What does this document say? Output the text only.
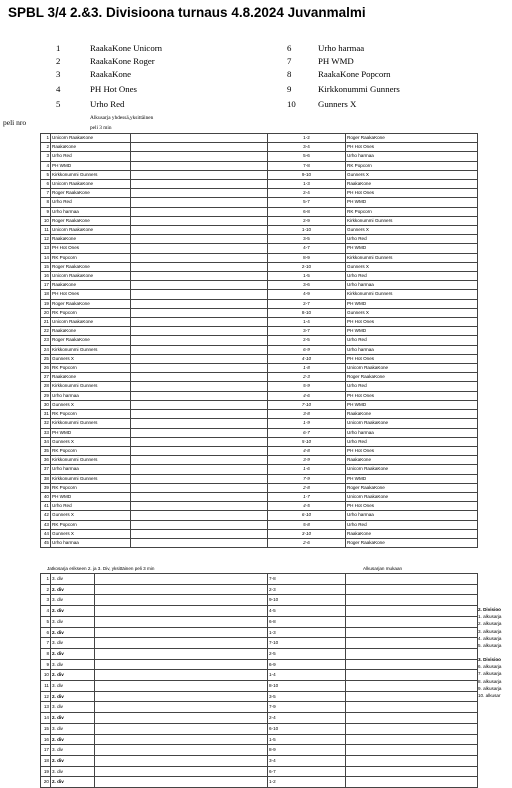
SPBL 3/4 2.&3. Divisioona turnaus 4.8.2024 Juvanmalmi
1	RaakaKone Unicorn
2	RaakaKone Roger
3	RaakaKone
4	PH Hot Ones
5	Urho Red
6	Urho harmaa
7	PH WMD
8	RaakaKone Popcorn
9	Kirkkonummi Gunners
10	Gunners X
peli nro	Alkusarja yhdessä,yksittäinen
peli 3 min
1	Unicorn RaakaKone		1-2	Roger RaakaKone
2	RaakaKone		3-4	PH Hot Ones
3	Urho Red		5-6	Urho harmaa
4	PH WMD		7-8	RK Popcorn
5	Kirkkonummi Gunners		9-10	Gunners X
6	Unicorn RaakaKone		1-3	RaakaKone
7	Roger RaakaKone		2-4	PH Hot Ones
8	Urho Red		5-7	PH WMD
9	Urho harmaa		6-8	RK Popcorn
10	Roger RaakaKone		2-9	Kirkkonummi Gunners
11	Unicorn RaakaKone		1-10	Gunners X
12	RaakaKone		3-5	Urho Red
13	PH Hot Ones		4-7	PH WMD
14	RK Popcorn		8-9	Kirkkonummi Gunners
15	Roger RaakaKone		2-10	Gunners X
16	Unicorn RaakaKone		1-5	Urho Red
17	RaakaKone		3-6	Urho harmaa
18	PH Hot Ones		4-9	Kirkkonummi Gunners
19	Roger RaakaKone		2-7	PH WMD
20	RK Popcorn		8-10	Gunners X
21	Unicorn RaakaKone		1-4	PH Hot Ones
22	RaakaKone		3-7	PH WMD
23	Roger RaakaKone		2-5	Urho Red
24	Kirkkonummi Gunners		6-9	Urho harmaa
25	Gunners X		4-10	PH Hot Ones
26	RK Popcorn		1-8	Unicorn RaakaKone
27	RaakaKone		2-3	Roger RaakaKone
28	Kirkkonummi Gunners		5-9	Urho Red
29	Urho harmaa		4-6	PH Hot Ones
30	Gunners X		7-10	PH WMD
31	RK Popcorn		3-8	RaakaKone
32	Kirkkonummi Gunners		1-9	Unicorn RaakaKone
33	PH WMD		6-7	Urho harmaa
34	Gunners X		5-10	Urho Red
35	RK Popcorn		4-8	PH Hot Ones
36	Kirkkonummi Gunners		3-9	RaakaKone
37	Urho harmaa		1-6	Unicorn RaakaKone
38	Kirkkonummi Gunners		7-9	PH WMD
39	RK Popcorn		2-8	Roger RaakaKone
40	PH WMD		1-7	Unicorn RaakaKone
41	Urho Red		4-5	PH Hot Ones
42	Gunners X		6-10	Urho harmaa
43	RK Popcorn		5-8	Urho Red
44	Gunners X		3-10	RaakaKone
45	Urho harmaa		2-6	Roger RaakaKone
Jatkosarja erikseen 2. ja 3. Div, yksittäinen peli 3 min	Alkusarjan mukaan
1	3. div		7-8	
2	2. div		2-3	
3	3. div		9-10	
4	2. div		4-5	
5	3. div		6-8	
6	2. div		1-3	
7	3. div		7-10	
8	2. div		2-5	
9	3. div		6-9	
10	2. div		1-4	
11	3. div		8-10	
12	2. div		3-5	
13	3. div		7-9	
14	2. div		2-4	
15	3. div		6-10	
16	2. div		1-5	
17	3. div		8-9	
18	2. div		3-4	
19	3. div		6-7	
20	2. div		1-2	
2. Divisioo
1. alkusarja
2. alkusarja
3. alkusarja
4. alkusarja
5. alkusarja
3. Divisioo
6. alkusarja
7. alkusarja
8. alkusarja
9. alkusarja
10. alkusar
